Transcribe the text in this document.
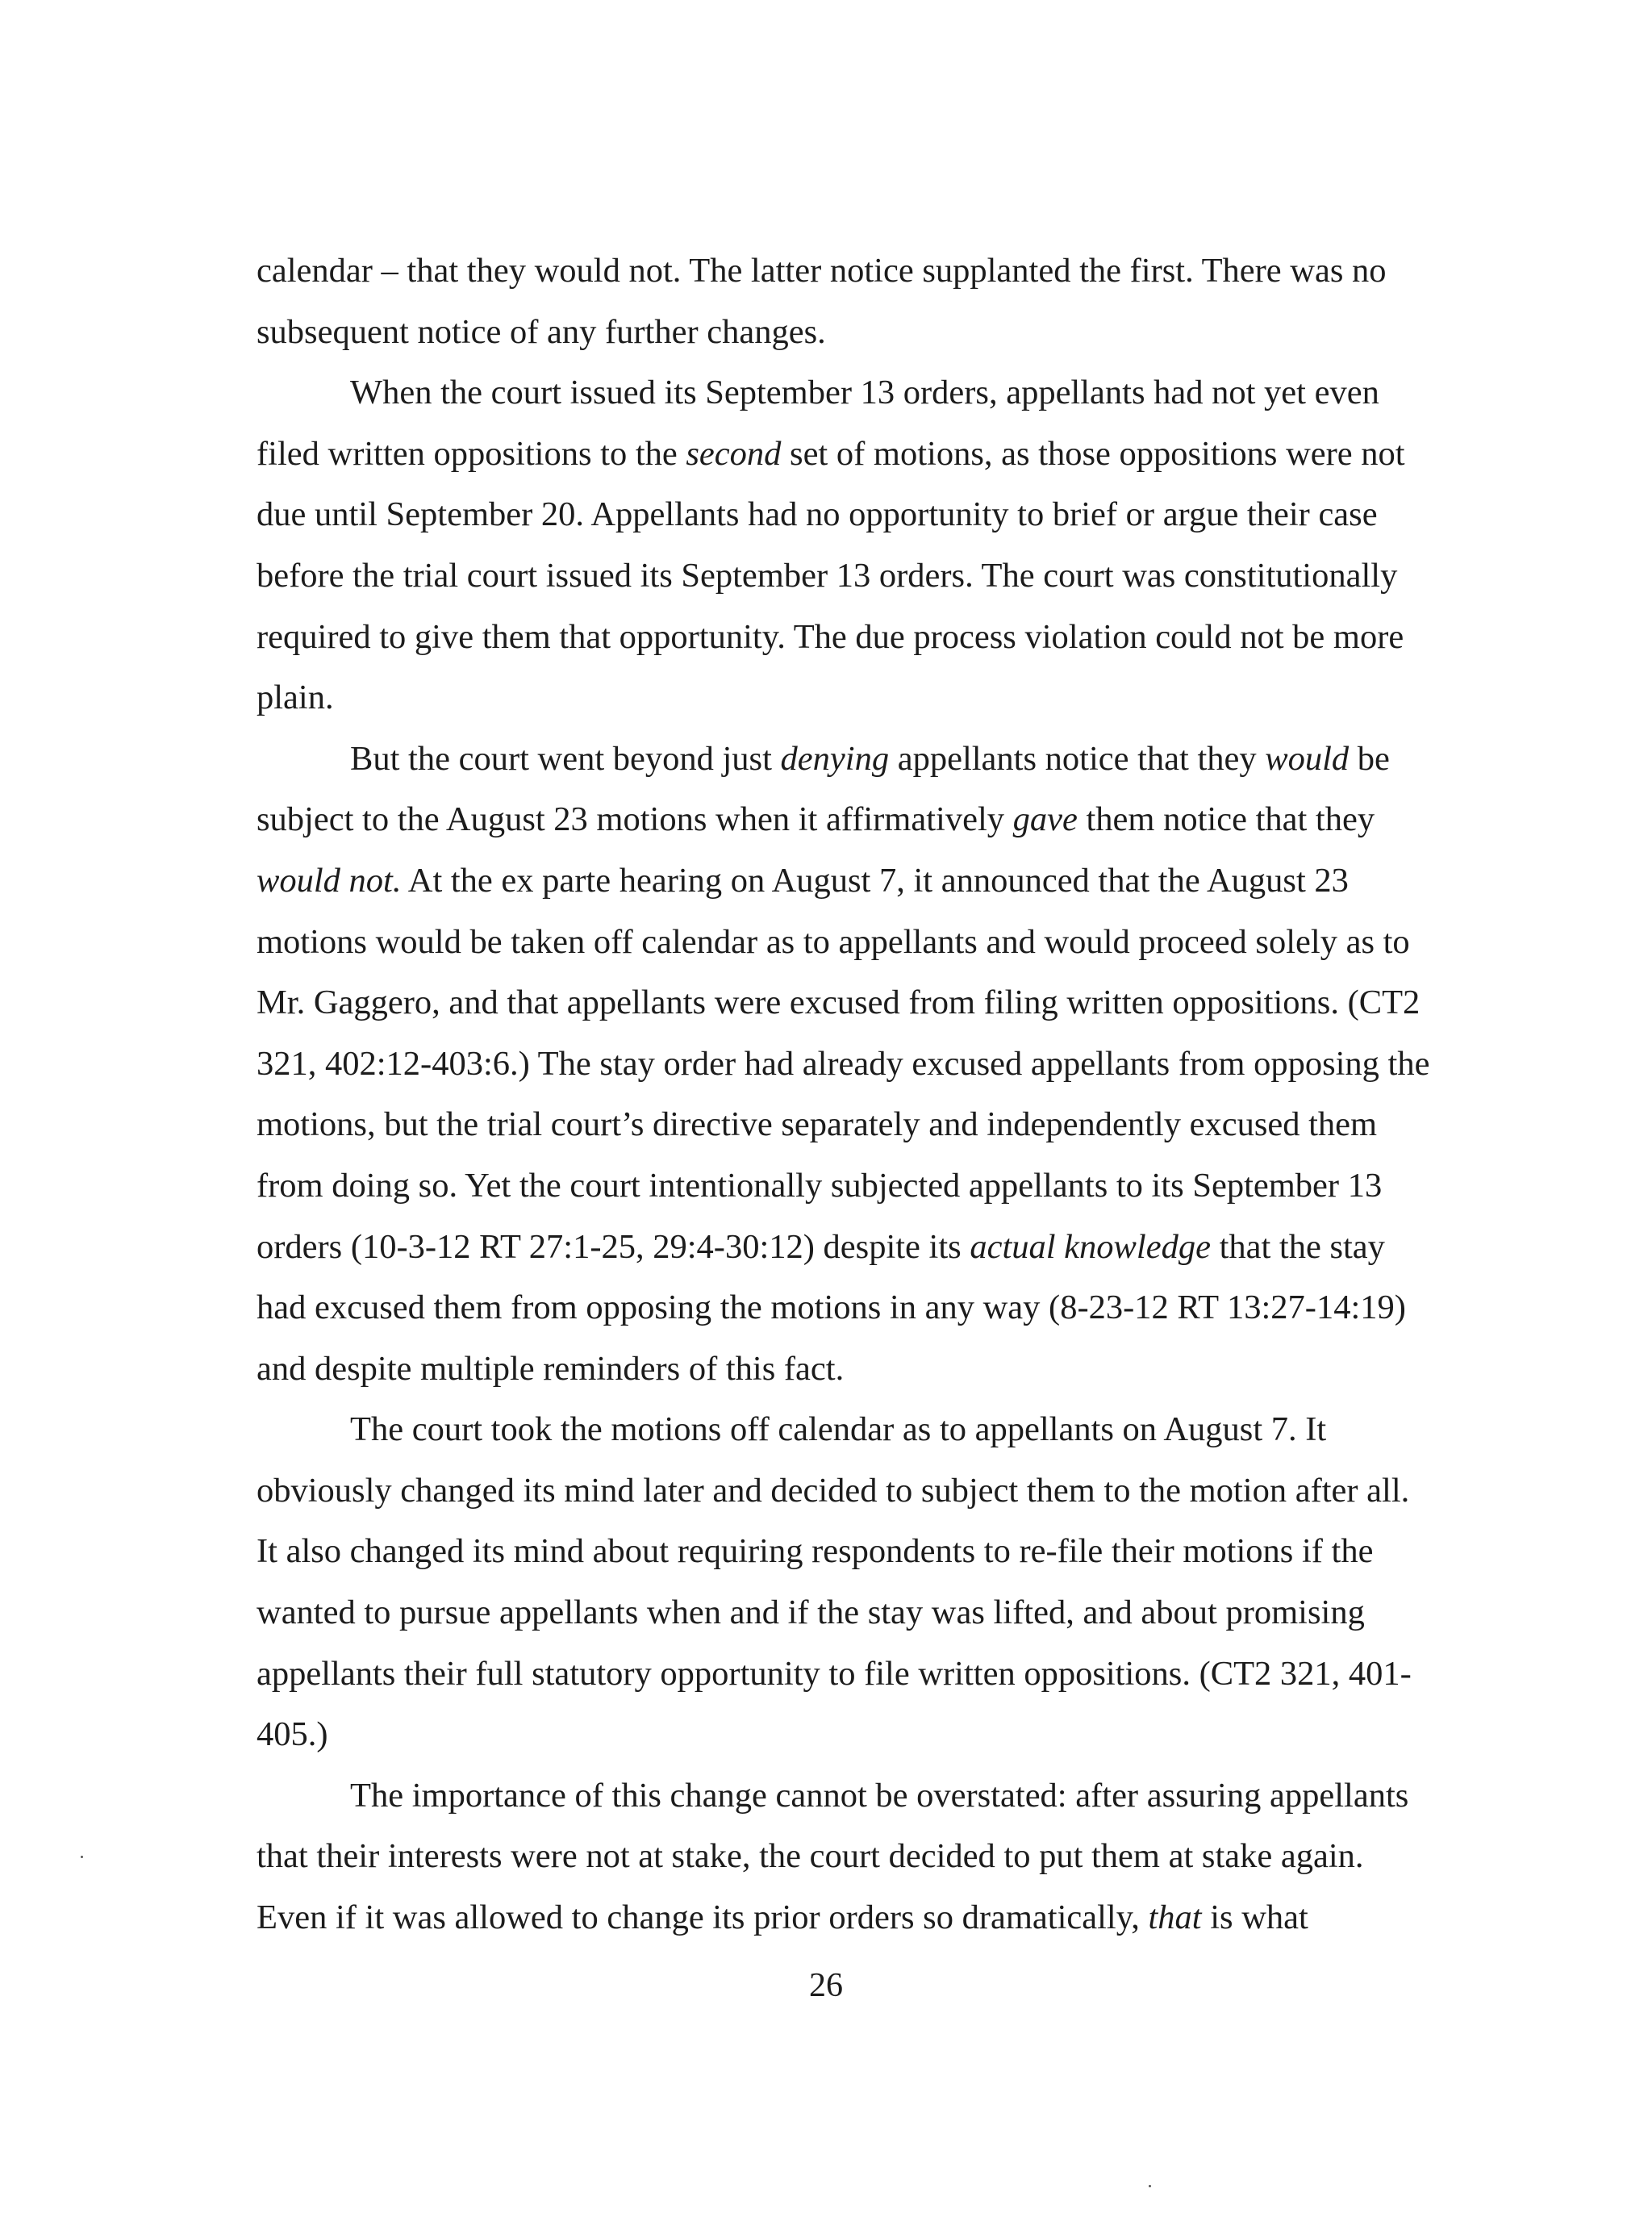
calendar – that they would not. The latter notice supplanted the first. There was no subsequent notice of any further changes.

When the court issued its September 13 orders, appellants had not yet even filed written oppositions to the second set of motions, as those oppositions were not due until September 20. Appellants had no opportunity to brief or argue their case before the trial court issued its September 13 orders. The court was constitutionally required to give them that opportunity. The due process violation could not be more plain.

But the court went beyond just denying appellants notice that they would be subject to the August 23 motions when it affirmatively gave them notice that they would not. At the ex parte hearing on August 7, it announced that the August 23 motions would be taken off calendar as to appellants and would proceed solely as to Mr. Gaggero, and that appellants were excused from filing written oppositions. (CT2 321, 402:12-403:6.) The stay order had already excused appellants from opposing the motions, but the trial court’s directive separately and independently excused them from doing so. Yet the court intentionally subjected appellants to its September 13 orders (10-3-12 RT 27:1-25, 29:4-30:12) despite its actual knowledge that the stay had excused them from opposing the motions in any way (8-23-12 RT 13:27-14:19) and despite multiple reminders of this fact.

The court took the motions off calendar as to appellants on August 7. It obviously changed its mind later and decided to subject them to the motion after all. It also changed its mind about requiring respondents to re-file their motions if the wanted to pursue appellants when and if the stay was lifted, and about promising appellants their full statutory opportunity to file written oppositions. (CT2 321, 401-405.)

The importance of this change cannot be overstated: after assuring appellants that their interests were not at stake, the court decided to put them at stake again. Even if it was allowed to change its prior orders so dramatically, that is what

26
